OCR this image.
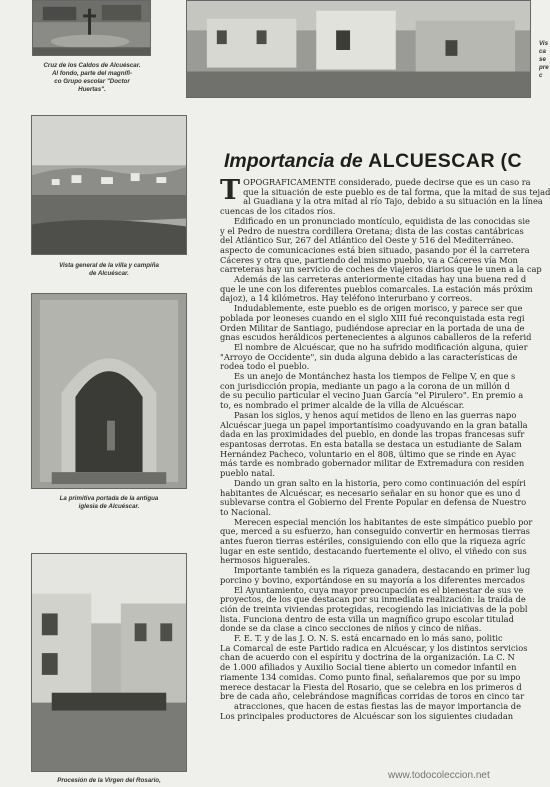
Cruz de los Caldos de Alcuéscar.
Al fondo, parte del magnífi-
co Grupo escolar "Doctor
Huertas".
Vis
ca
se
pre
c
Vista general de la villa y campiña
de Alcuéscar.
La primitiva portada de la antigua
iglesia de Alcuéscar.
Procesión de la Virgen del Rosario,
Importancia de ALCUESCAR (C
T OPOGRAFICAMENTE considerado, puede decirse que es un caso ra

que la situación de este pueblo es de tal forma, que la mitad de sus tejad

al Guadiana y la otra mitad al río Tajo, debido a su situación en la línea

cuencas de los citados ríos.

Edificado en un pronunciado montículo, equidista de las conocidas sie

y el Pedro de nuestra cordillera Oretana; dista de las costas cantábricas

del Atlántico Sur, 267 del Atlántico del Oeste y 516 del Mediterráneo.

aspecto de comunicaciones está bien situado, pasando por él la carretera

Cáceres y otra que, partiendo del mismo pueblo, va a Cáceres vía Mon

carreteras hay un servicio de coches de viajeros diarios que le unen a la cap

Además de las carreteras anteriormente citadas hay una buena red d

que le une con los diferentes pueblos comarcales. La estación más próxim

dajoz), a 14 kilómetros. Hay teléfono interurbano y correos.

Indudablemente, este pueblo es de origen morisco, y parece ser que

poblada por leoneses cuando en el siglo XIII fué reconquistada esta regi

Orden Militar de Santiago, pudiéndose apreciar en la portada de una de

gnas escudos heráldicos pertenecientes a algunos caballeros de la referid

El nombre de Alcuéscar, que no ha sufrido modificación alguna, quier

"Arroyo de Occidente", sin duda alguna debido a las características de

rodea todo el pueblo.

Es un anejo de Montánchez hasta los tiempos de Felipe V, en que s

con jurisdicción propia, mediante un pago a la corona de un millón d

de su peculio particular el vecino Juan García "el Pirulero". En premio a

to, es nombrado el primer alcalde de la villa de Alcuéscar.

Pasan los siglos, y henos aquí metidos de lleno en las guerras napo

Alcuéscar juega un papel importantísimo coadyuvando en la gran batalla

dada en las proximidades del pueblo, en donde las tropas francesas sufr

espantosas derrotas. En esta batalla se destaca un estudiante de Salam

Hernández Pacheco, voluntario en el 808, último que se rinde en Ayac

más tarde es nombrado gobernador militar de Extremadura con residen

pueblo natal.

Dando un gran salto en la historia, pero como continuación del espíri

habitantes de Alcuéscar, es necesario señalar en su honor que es uno d

sublevarse contra el Gobierno del Frente Popular en defensa de Nuestro

to Nacional.

Merecen especial mención los habitantes de este simpático pueblo por

que, merced a su esfuerzo, han conseguido convertir en hermosas tierras

antes fueron tierras estériles, consiguiendo con ello que la riqueza agríc

lugar en este sentido, destacando fuertemente el olivo, el viñedo con sus

hermosos higuerales.

Importante también es la riqueza ganadera, destacando en primer lug

porcino y bovino, exportándose en su mayoría a los diferentes mercados

El Ayuntamiento, cuya mayor preocupación es el bienestar de sus ve

proyectos, de los que destacan por su inmediata realización: la traída de

ción de treinta viviendas protegidas, recogiendo las iniciativas de la pobl

lista. Funciona dentro de esta villa un magnífico grupo escolar titulad

donde se da clase a cinco secciones de niños y cinco de niñas.

F. E. T. y de las J. O. N. S. está encarnado en lo más sano, politic

La Comarcal de este Partido radica en Alcuéscar, y los distintos servicios

chan de acuerdo con el espíritu y doctrina de la organización. La C. N

de 1.000 afiliados y Auxilio Social tiene abierto un comedor infantil en

riamente 134 comidas. Como punto final, señalaremos que por su impo

merece destacar la Fiesta del Rosario, que se celebra en los primeros d

bre de cada año, celebrándose magníficas corridas de toros en cinco tar

atracciones, que hacen de estas fiestas las de mayor importancia de

Los principales productores de Alcuéscar son los siguientes ciudadan

www.todocoleccion.net
